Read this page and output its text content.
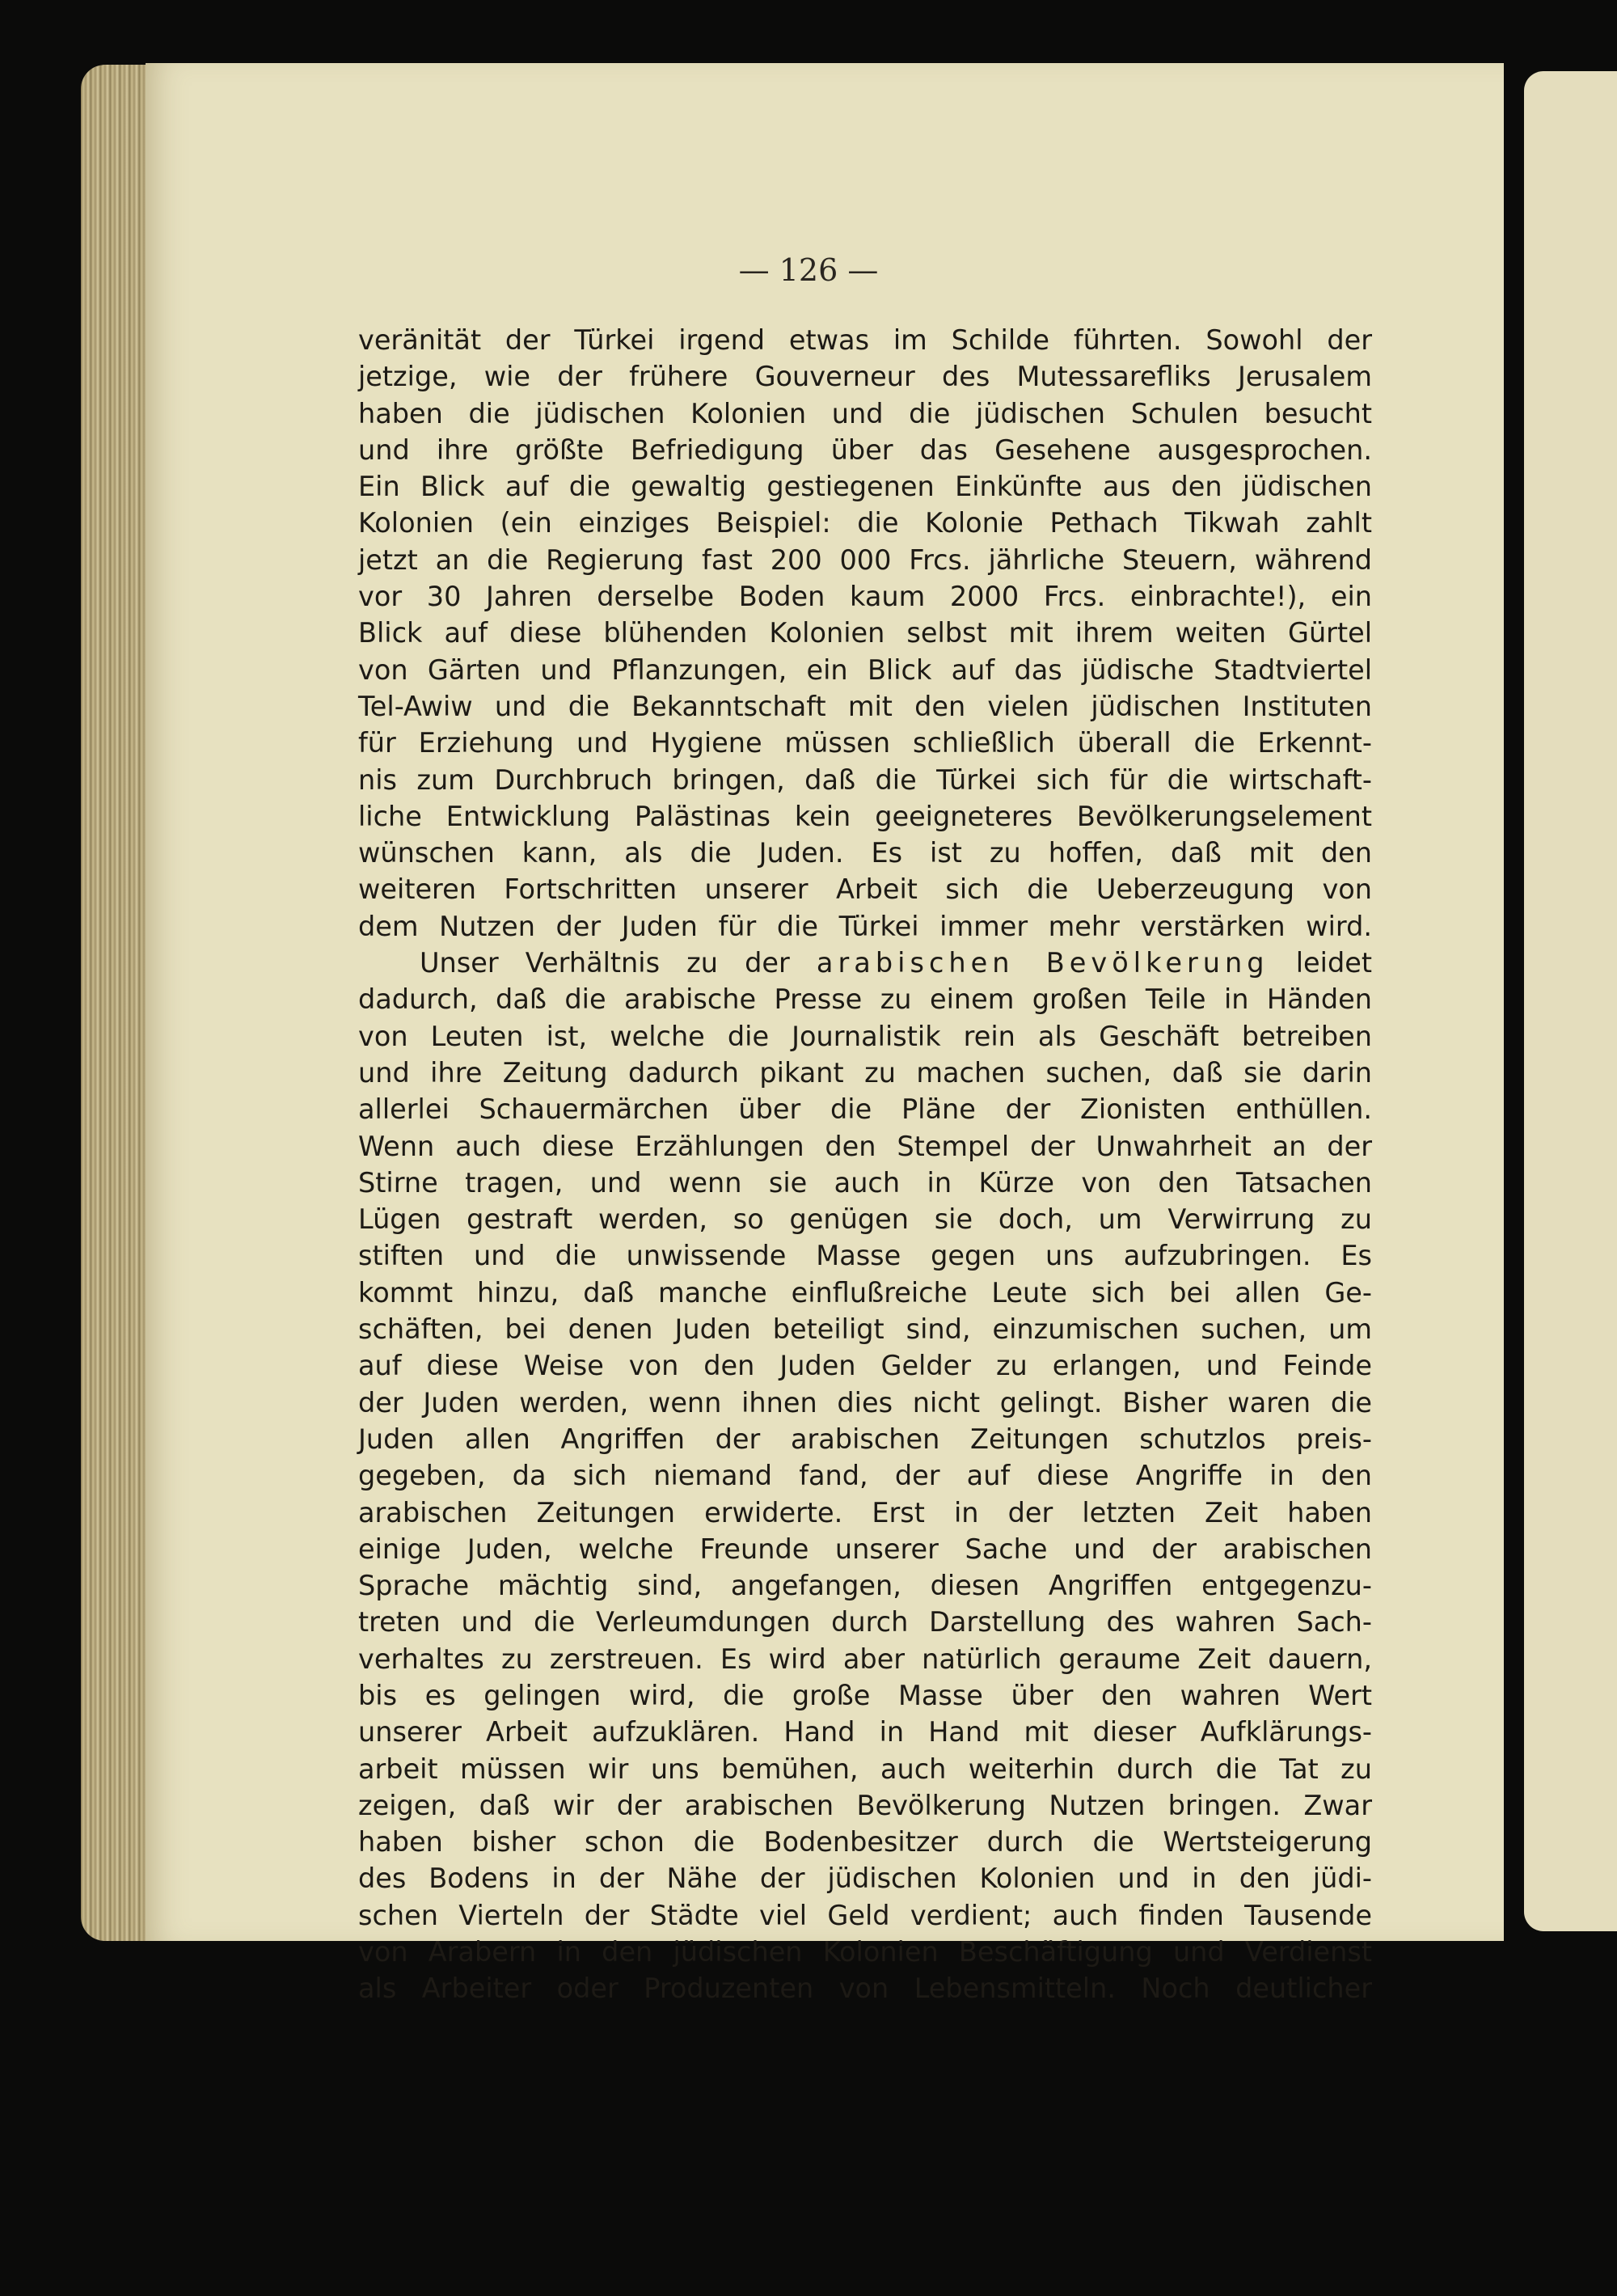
— 126 —
veränität der Türkei irgend etwas im Schilde führten. Sowohl der
jetzige, wie der frühere Gouverneur des Mutessarefliks Jerusalem
haben die jüdischen Kolonien und die jüdischen Schulen besucht
und ihre größte Befriedigung über das Gesehene ausgesprochen.
Ein Blick auf die gewaltig gestiegenen Einkünfte aus den jüdischen
Kolonien (ein einziges Beispiel: die Kolonie Pethach Tikwah zahlt
jetzt an die Regierung fast 200 000 Frcs. jährliche Steuern, während
vor 30 Jahren derselbe Boden kaum 2000 Frcs. einbrachte!), ein
Blick auf diese blühenden Kolonien selbst mit ihrem weiten Gürtel
von Gärten und Pflanzungen, ein Blick auf das jüdische Stadtviertel
Tel-Awiw und die Bekanntschaft mit den vielen jüdischen Instituten
für Erziehung und Hygiene müssen schließlich überall die Erkennt-
nis zum Durchbruch bringen, daß die Türkei sich für die wirtschaft-
liche Entwicklung Palästinas kein geeigneteres Bevölkerungselement
wünschen kann, als die Juden. Es ist zu hoffen, daß mit den
weiteren Fortschritten unserer Arbeit sich die Ueberzeugung von
dem Nutzen der Juden für die Türkei immer mehr verstärken wird.
Unser Verhältnis zu der arabischen Bevölkerung leidet
dadurch, daß die arabische Presse zu einem großen Teile in Händen
von Leuten ist, welche die Journalistik rein als Geschäft betreiben
und ihre Zeitung dadurch pikant zu machen suchen, daß sie darin
allerlei Schauermärchen über die Pläne der Zionisten enthüllen.
Wenn auch diese Erzählungen den Stempel der Unwahrheit an der
Stirne tragen, und wenn sie auch in Kürze von den Tatsachen
Lügen gestraft werden, so genügen sie doch, um Verwirrung zu
stiften und die unwissende Masse gegen uns aufzubringen. Es
kommt hinzu, daß manche einflußreiche Leute sich bei allen Ge-
schäften, bei denen Juden beteiligt sind, einzumischen suchen, um
auf diese Weise von den Juden Gelder zu erlangen, und Feinde
der Juden werden, wenn ihnen dies nicht gelingt. Bisher waren die
Juden allen Angriffen der arabischen Zeitungen schutzlos preis-
gegeben, da sich niemand fand, der auf diese Angriffe in den
arabischen Zeitungen erwiderte. Erst in der letzten Zeit haben
einige Juden, welche Freunde unserer Sache und der arabischen
Sprache mächtig sind, angefangen, diesen Angriffen entgegenzu-
treten und die Verleumdungen durch Darstellung des wahren Sach-
verhaltes zu zerstreuen. Es wird aber natürlich geraume Zeit dauern,
bis es gelingen wird, die große Masse über den wahren Wert
unserer Arbeit aufzuklären. Hand in Hand mit dieser Aufklärungs-
arbeit müssen wir uns bemühen, auch weiterhin durch die Tat zu
zeigen, daß wir der arabischen Bevölkerung Nutzen bringen. Zwar
haben bisher schon die Bodenbesitzer durch die Wertsteigerung
des Bodens in der Nähe der jüdischen Kolonien und in den jüdi-
schen Vierteln der Städte viel Geld verdient; auch finden Tausende
von Arabern in den jüdischen Kolonien Beschäftigung und Verdienst
als Arbeiter oder Produzenten von Lebensmitteln. Noch deutlicher
